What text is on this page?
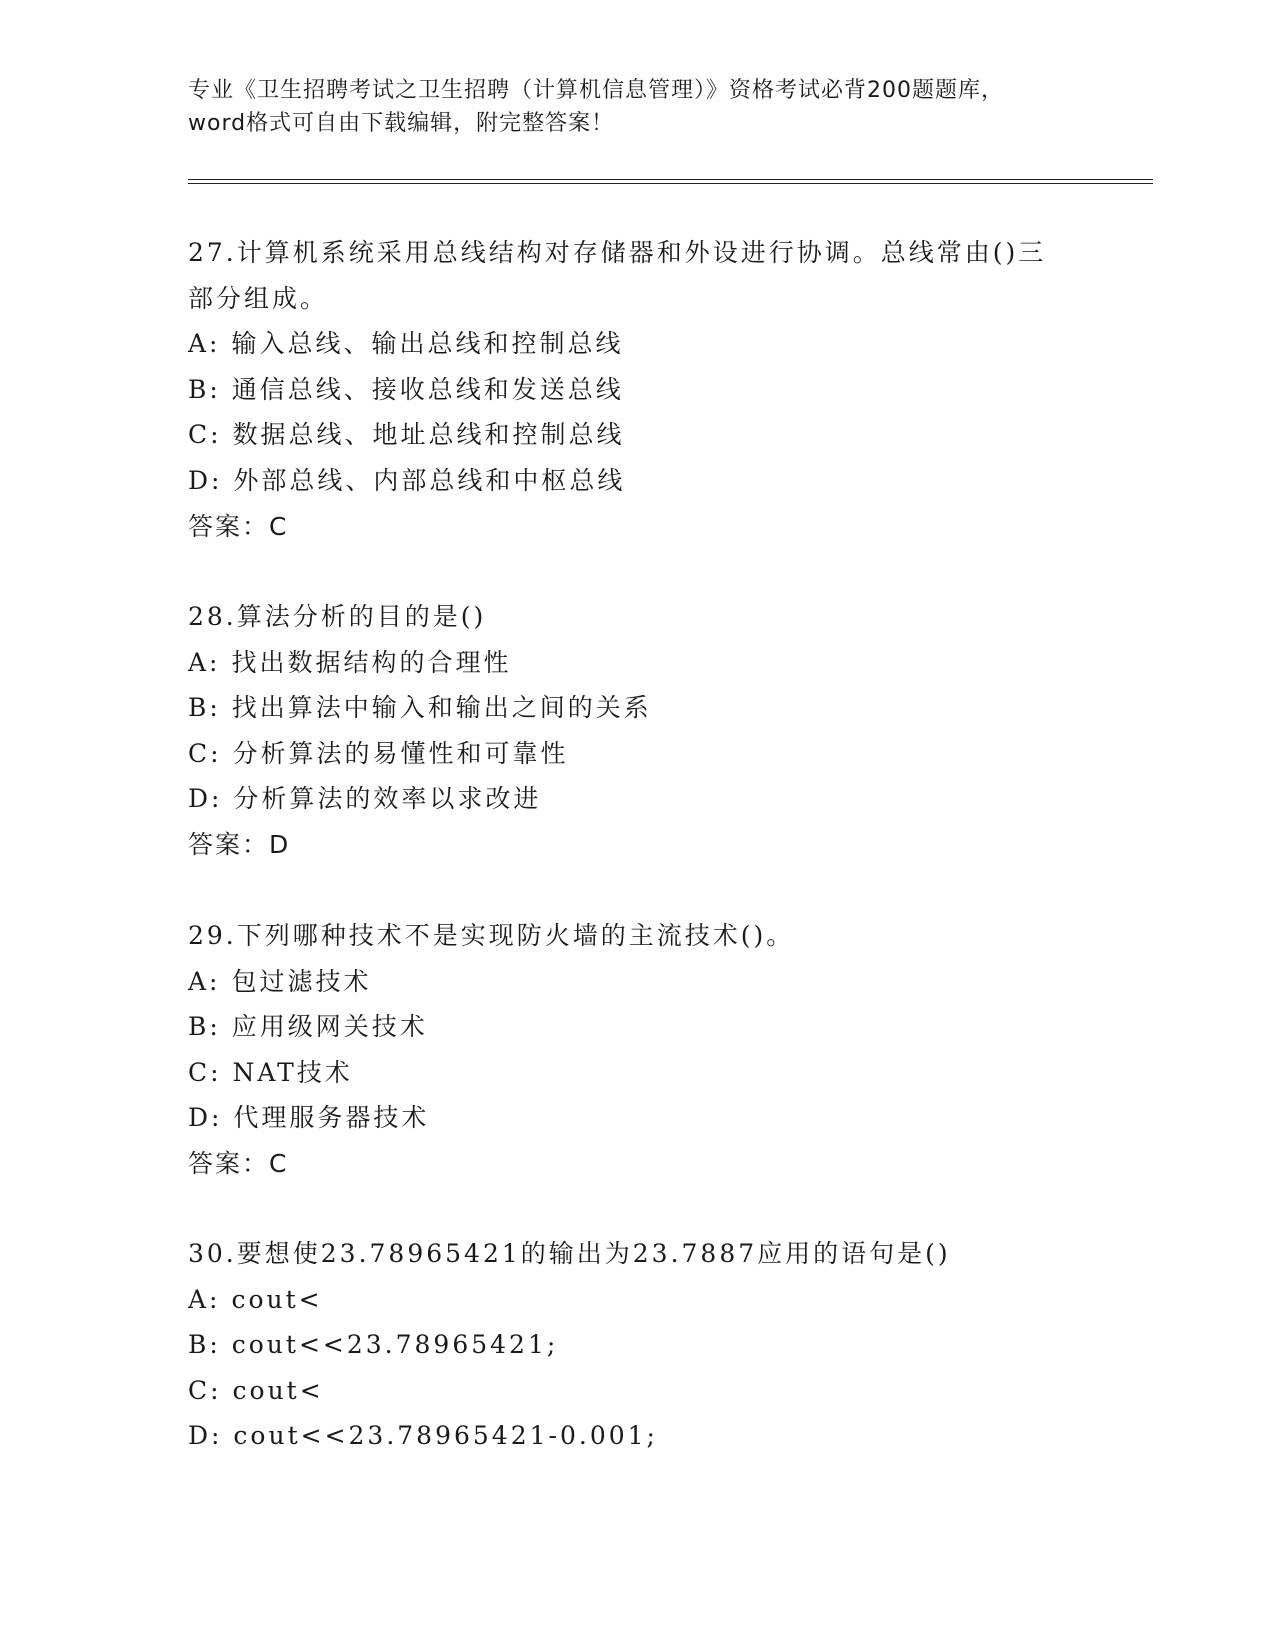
专业《卫生招聘考试之卫生招聘（计算机信息管理）》资格考试必背200题题库，
word格式可自由下载编辑，附完整答案！
27.计算机系统采用总线结构对存储器和外设进行协调。总线常由()三
部分组成。
A: 输入总线、输出总线和控制总线
B: 通信总线、接收总线和发送总线
C: 数据总线、地址总线和控制总线
D: 外部总线、内部总线和中枢总线
答案：C
28.算法分析的目的是()
A: 找出数据结构的合理性
B: 找出算法中输入和输出之间的关系
C: 分析算法的易懂性和可靠性
D: 分析算法的效率以求改进
答案：D
29.下列哪种技术不是实现防火墙的主流技术()。
A: 包过滤技术
B: 应用级网关技术
C: NAT技术
D: 代理服务器技术
答案：C
30.要想使23.78965421的输出为23.7887应用的语句是()
A: cout<
B: cout<<23.78965421;
C: cout<
D: cout<<23.78965421-0.001;
